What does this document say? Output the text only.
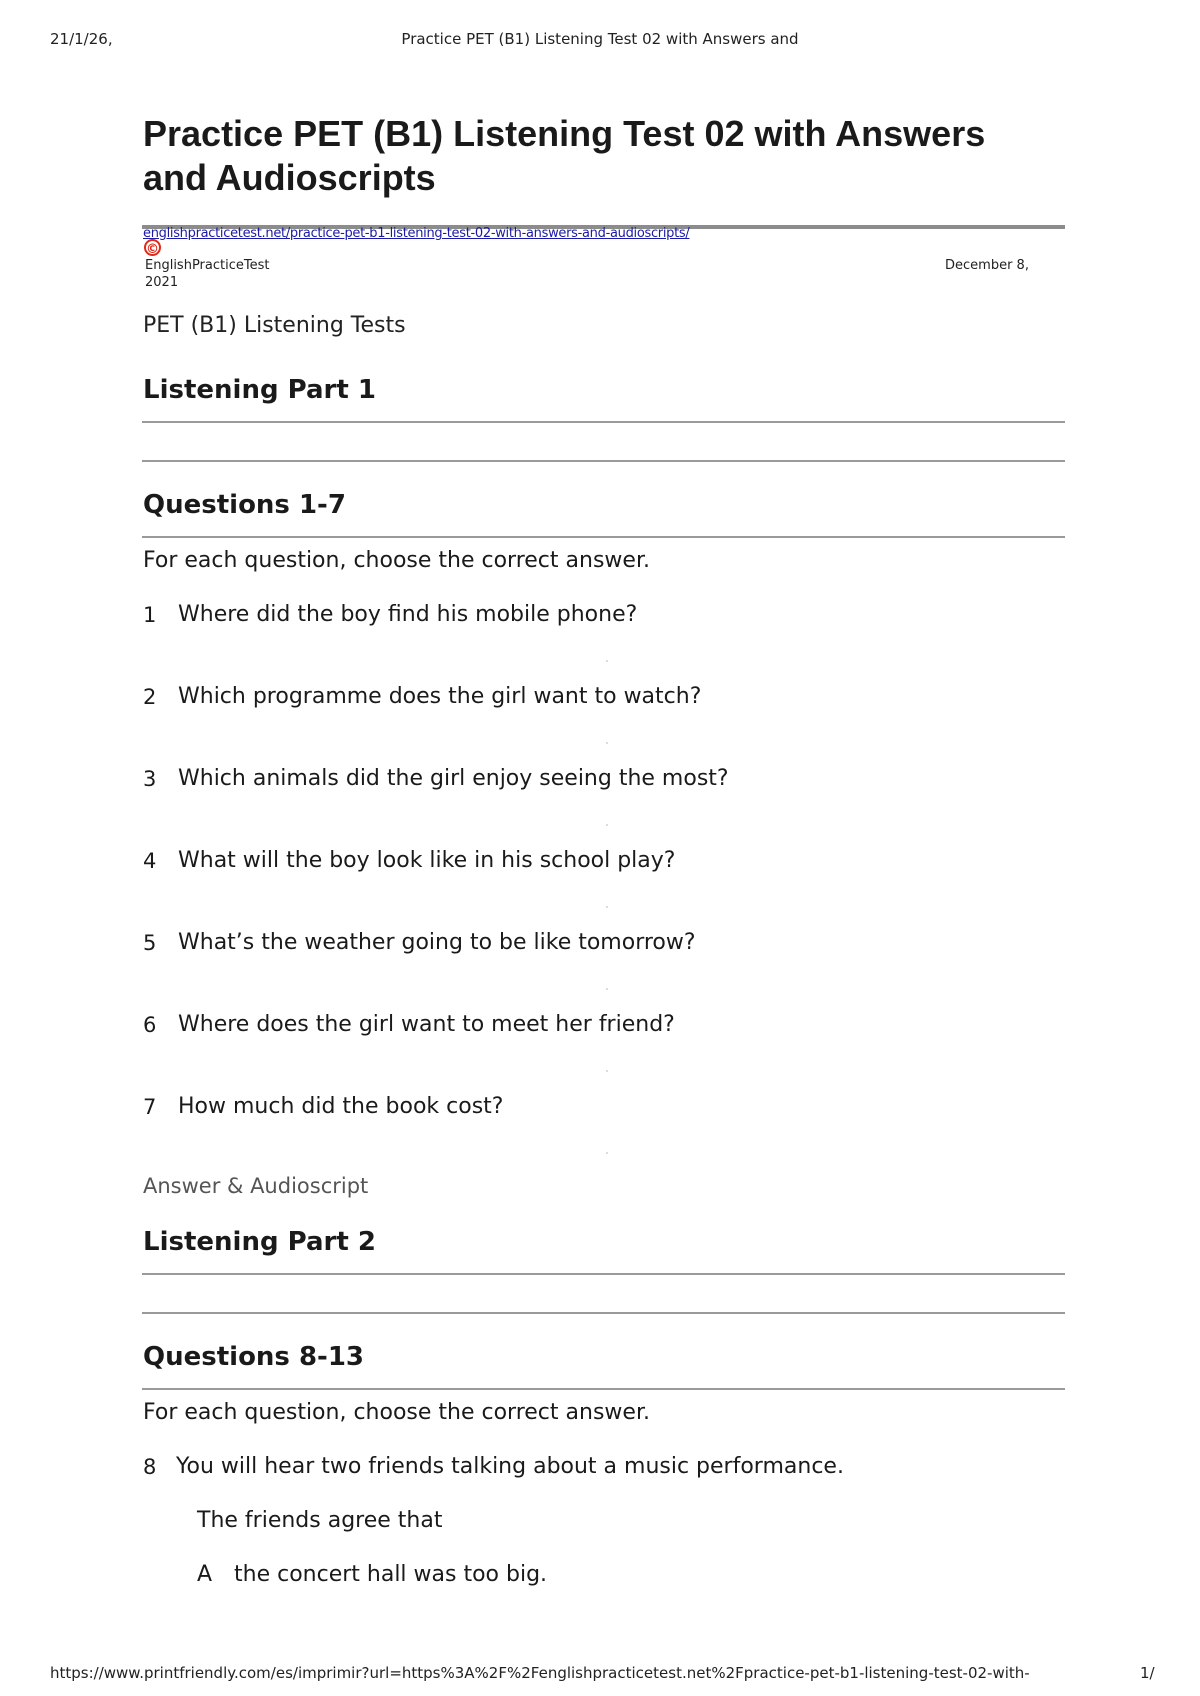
21/1/26,	Practice PET (B1) Listening Test 02 with Answers and
Practice PET (B1) Listening Test 02 with Answers and Audioscripts
englishpracticetest.net/practice-pet-b1-listening-test-02-with-answers-and-audioscripts/
©
EnglishPracticeTest	December 8,
2021
PET (B1) Listening Tests
Listening Part 1
Questions 1-7
For each question, choose the correct answer.
1 Where did the boy find his mobile phone?
2 Which programme does the girl want to watch?
3 Which animals did the girl enjoy seeing the most?
4 What will the boy look like in his school play?
5 What’s the weather going to be like tomorrow?
6 Where does the girl want to meet her friend?
7 How much did the book cost?
Answer & Audioscript
Listening Part 2
Questions 8-13
For each question, choose the correct answer.
8 You will hear two friends talking about a music performance.
The friends agree that
A the concert hall was too big.
https://www.printfriendly.com/es/imprimir?url=https%3A%2F%2Fenglishpracticetest.net%2Fpractice-pet-b1-listening-test-02-with-	1/
